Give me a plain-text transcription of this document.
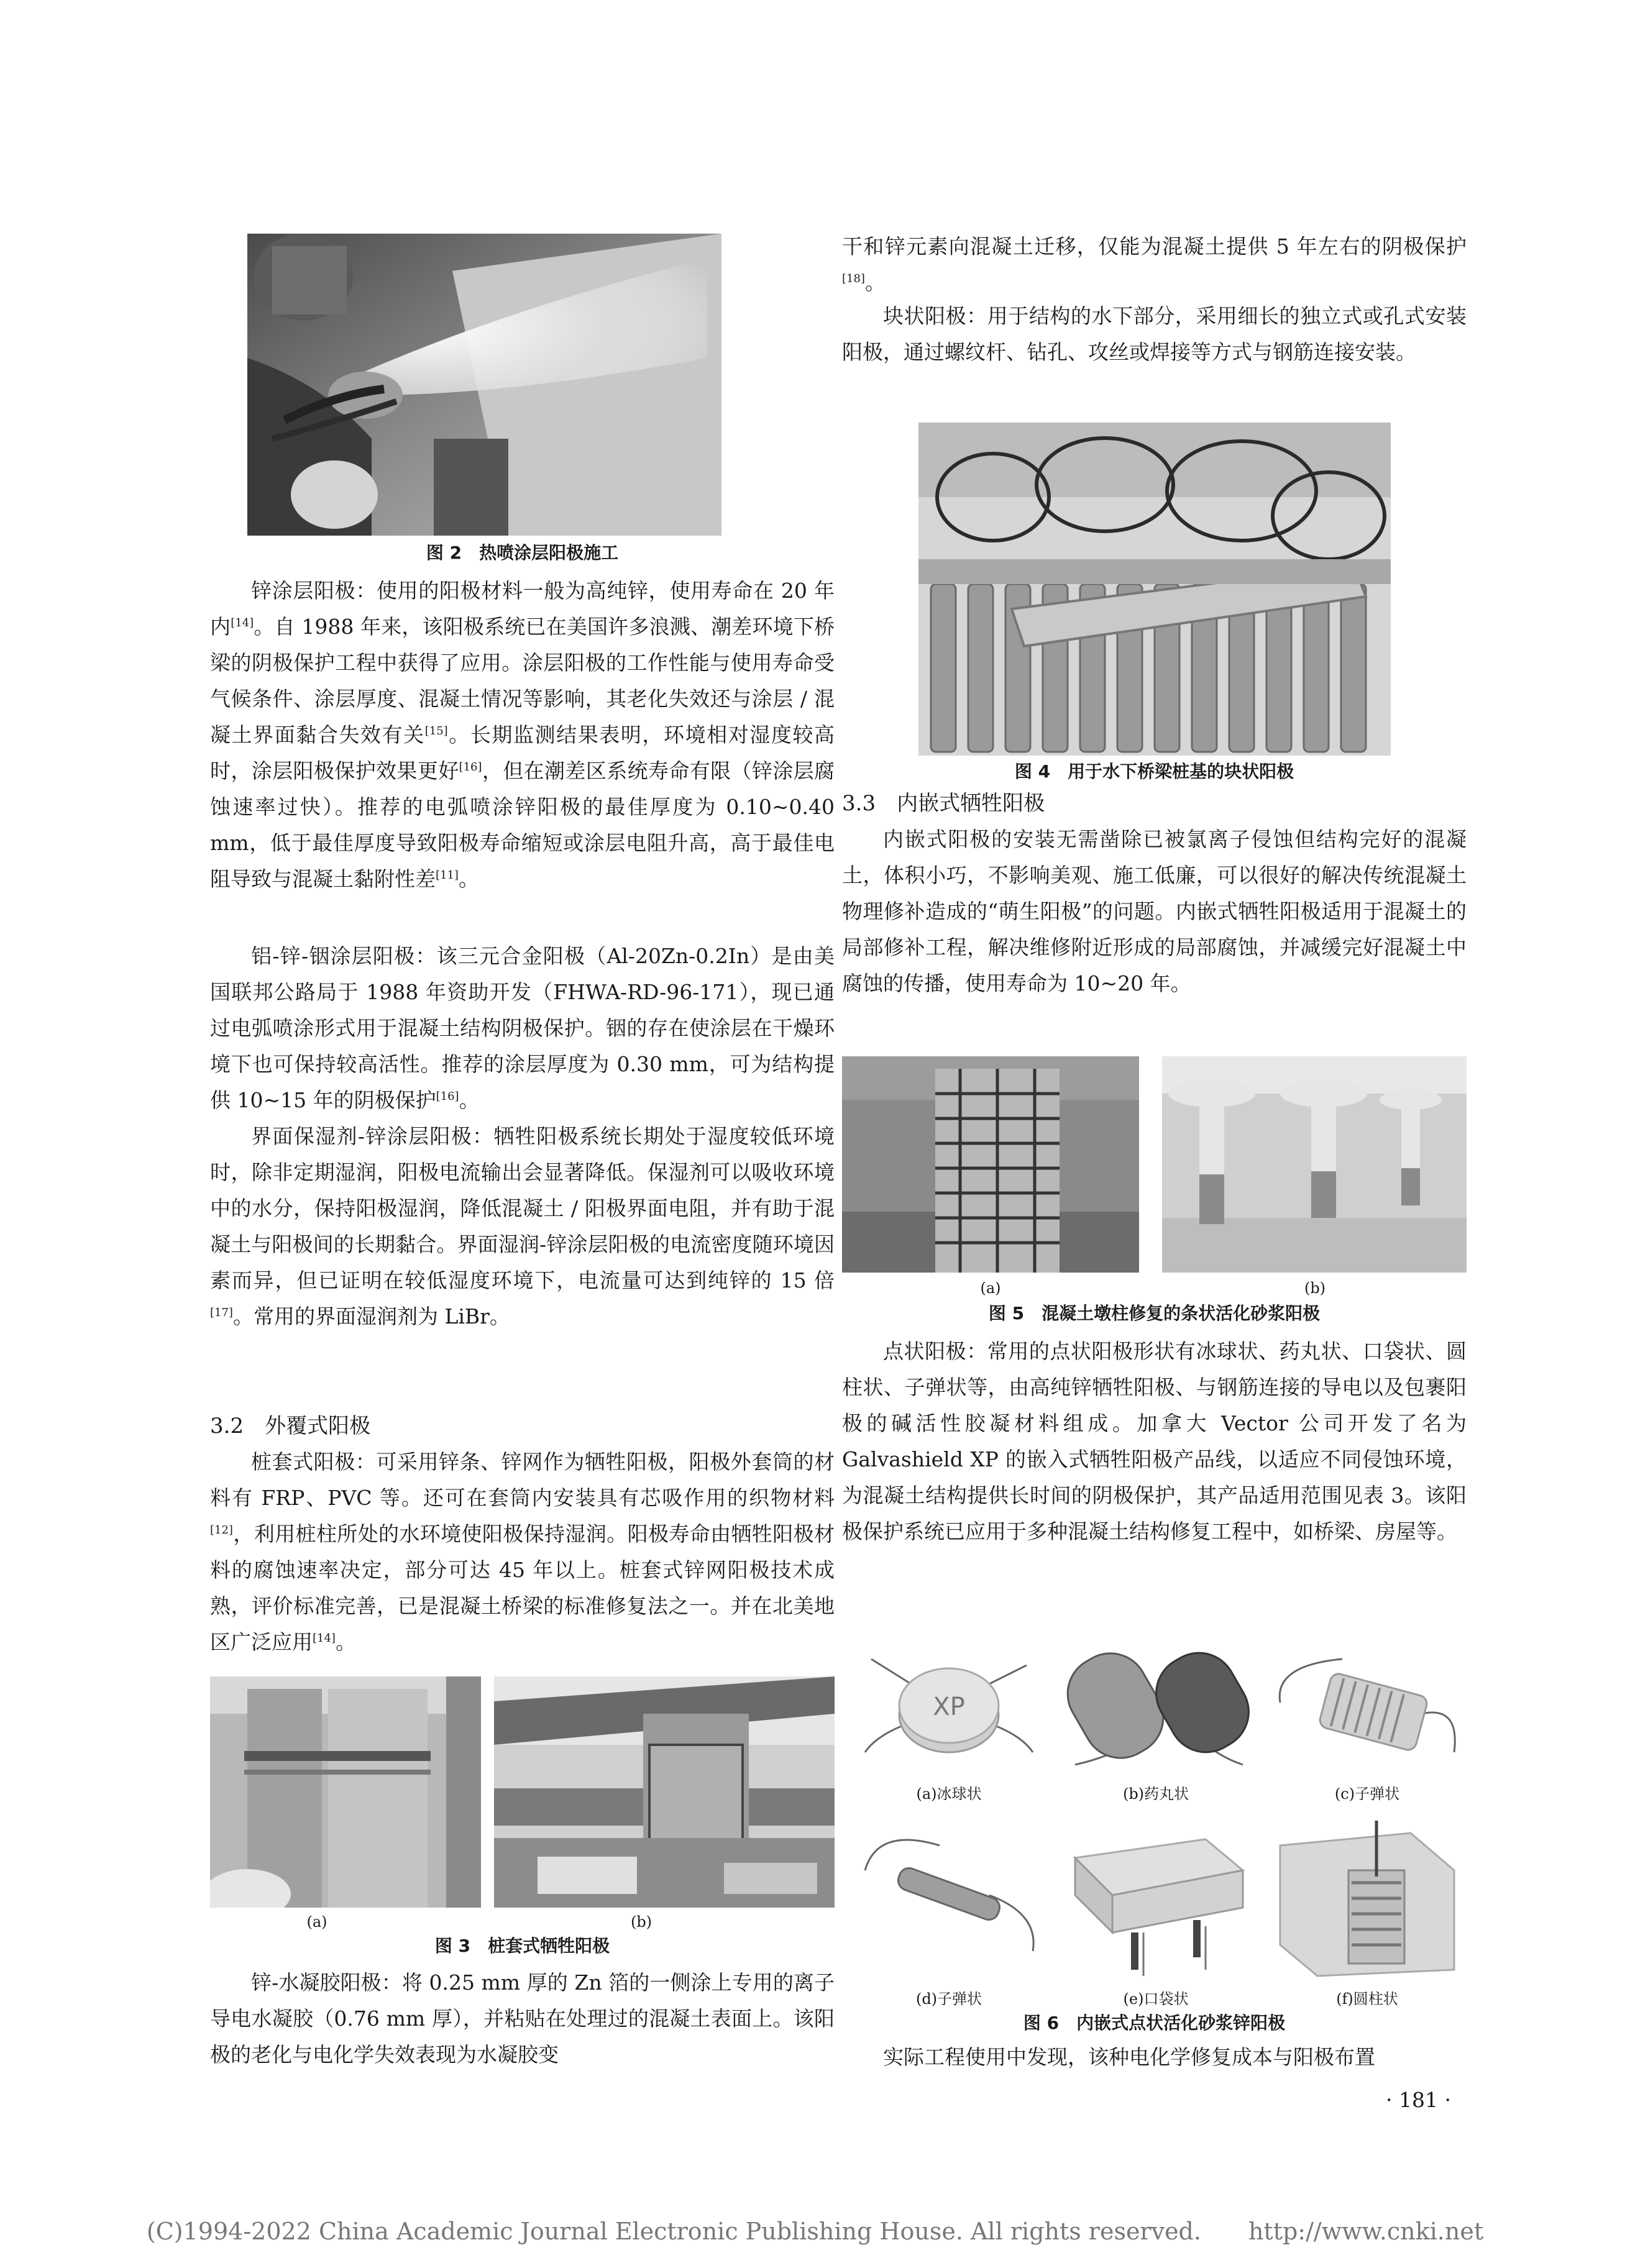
图 2　热喷涂层阳极施工

锌涂层阳极：使用的阳极材料一般为高纯锌，使用寿命在 20 年内[14]。自 1988 年来，该阳极系统已在美国许多浪溅、潮差环境下桥梁的阴极保护工程中获得了应用。涂层阳极的工作性能与使用寿命受气候条件、涂层厚度、混凝土情况等影响，其老化失效还与涂层 / 混凝土界面黏合失效有关[15]。长期监测结果表明，环境相对湿度较高时，涂层阳极保护效果更好[16]，但在潮差区系统寿命有限（锌涂层腐蚀速率过快）。推荐的电弧喷涂锌阳极的最佳厚度为 0.10~0.40 mm，低于最佳厚度导致阳极寿命缩短或涂层电阻升高，高于最佳电阻导致与混凝土黏附性差[11]。

铝-锌-铟涂层阳极：该三元合金阳极（Al-20Zn-0.2In）是由美国联邦公路局于 1988 年资助开发（FHWA-RD-96-171），现已通过电弧喷涂形式用于混凝土结构阴极保护。铟的存在使涂层在干燥环境下也可保持较高活性。推荐的涂层厚度为 0.30 mm，可为结构提供 10~15 年的阴极保护[16]。

界面保湿剂-锌涂层阳极：牺牲阳极系统长期处于湿度较低环境时，除非定期湿润，阳极电流输出会显著降低。保湿剂可以吸收环境中的水分，保持阳极湿润，降低混凝土 / 阳极界面电阻，并有助于混凝土与阳极间的长期黏合。界面湿润-锌涂层阳极的电流密度随环境因素而异，但已证明在较低湿度环境下，电流量可达到纯锌的 15 倍[17]。常用的界面湿润剂为 LiBr。

3.2　外覆式阳极

桩套式阳极：可采用锌条、锌网作为牺牲阳极，阳极外套筒的材料有 FRP、PVC 等。还可在套筒内安装具有芯吸作用的织物材料[12]，利用桩柱所处的水环境使阳极保持湿润。阳极寿命由牺牲阳极材料的腐蚀速率决定，部分可达 45 年以上。桩套式锌网阳极技术成熟，评价标准完善，已是混凝土桥梁的标准修复法之一。并在北美地区广泛应用[14]。

(a)	(b)

图 3　桩套式牺牲阳极

锌-水凝胶阳极：将 0.25 mm 厚的 Zn 箔的一侧涂上专用的离子导电水凝胶（0.76 mm 厚），并粘贴在处理过的混凝土表面上。该阳极的老化与电化学失效表现为水凝胶变

干和锌元素向混凝土迁移，仅能为混凝土提供 5 年左右的阴极保护[18]。

块状阳极：用于结构的水下部分，采用细长的独立式或孔式安装阳极，通过螺纹杆、钻孔、攻丝或焊接等方式与钢筋连接安装。

图 4　用于水下桥梁桩基的块状阳极

3.3　内嵌式牺牲阳极

内嵌式阳极的安装无需凿除已被氯离子侵蚀但结构完好的混凝土，体积小巧，不影响美观、施工低廉，可以很好的解决传统混凝土物理修补造成的“萌生阳极”的问题。内嵌式牺牲阳极适用于混凝土的局部修补工程，解决维修附近形成的局部腐蚀，并减缓完好混凝土中腐蚀的传播，使用寿命为 10~20 年。

(a)	(b)

图 5　混凝土墩柱修复的条状活化砂浆阳极

点状阳极：常用的点状阳极形状有冰球状、药丸状、口袋状、圆柱状、子弹状等，由高纯锌牺牲阳极、与钢筋连接的导电以及包裹阳极的碱活性胶凝材料组成。加拿大 Vector 公司开发了名为 Galvashield XP 的嵌入式牺牲阳极产品线，以适应不同侵蚀环境，为混凝土结构提供长时间的阴极保护，其产品适用范围见表 3。该阳极保护系统已应用于多种混凝土结构修复工程中，如桥梁、房屋等。

XP

(a)冰球状	(b)药丸状	(c)子弹状

(d)子弹状	(e)口袋状	(f)圆柱状

图 6　内嵌式点状活化砂浆锌阳极

实际工程使用中发现，该种电化学修复成本与阳极布置

· 181 ·
(C)1994-2022 China Academic Journal Electronic Publishing House. All rights reserved.　　http://www.cnki.net
